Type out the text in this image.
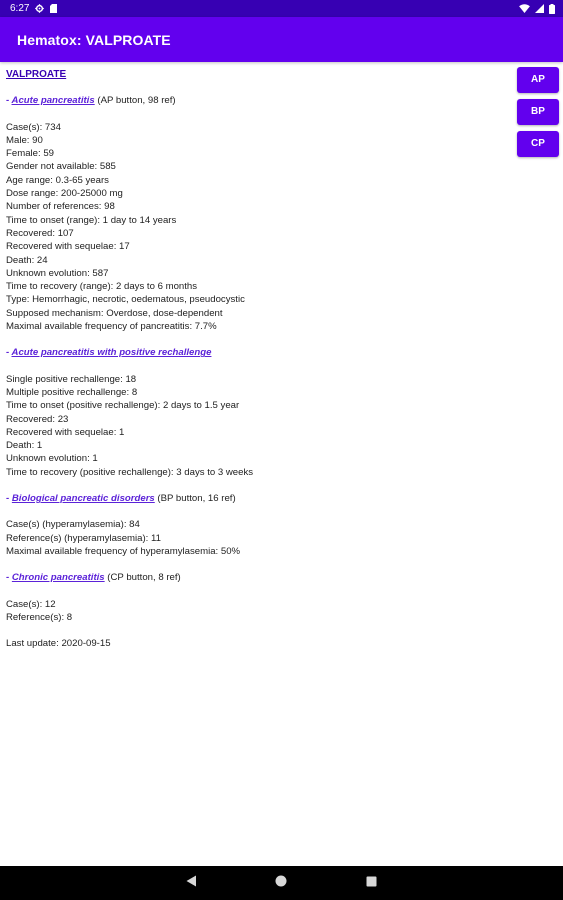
6:27
Hematox: VALPROATE
VALPROATE
- Acute pancreatitis (AP button, 98 ref)
Case(s): 734
Male: 90
Female: 59
Gender not available: 585
Age range: 0.3-65 years
Dose range: 200-25000 mg
Number of references: 98
Time to onset (range): 1 day to 14 years
Recovered: 107
Recovered with sequelae: 17
Death: 24
Unknown evolution: 587
Time to recovery (range): 2 days to 6 months
Type: Hemorrhagic, necrotic, oedematous, pseudocystic
Supposed mechanism: Overdose, dose-dependent
Maximal available frequency of pancreatitis: 7.7%
- Acute pancreatitis with positive rechallenge
Single positive rechallenge: 18
Multiple positive rechallenge: 8
Time to onset (positive rechallenge): 2 days to 1.5 year
Recovered: 23
Recovered with sequelae: 1
Death: 1
Unknown evolution: 1
Time to recovery (positive rechallenge): 3 days to 3 weeks
- Biological pancreatic disorders (BP button, 16 ref)
Case(s) (hyperamylasemia): 84
Reference(s) (hyperamylasemia): 11
Maximal available frequency of hyperamylasemia: 50%
- Chronic pancreatitis (CP button, 8 ref)
Case(s): 12
Reference(s): 8
Last update: 2020-09-15
AP
BP
CP
